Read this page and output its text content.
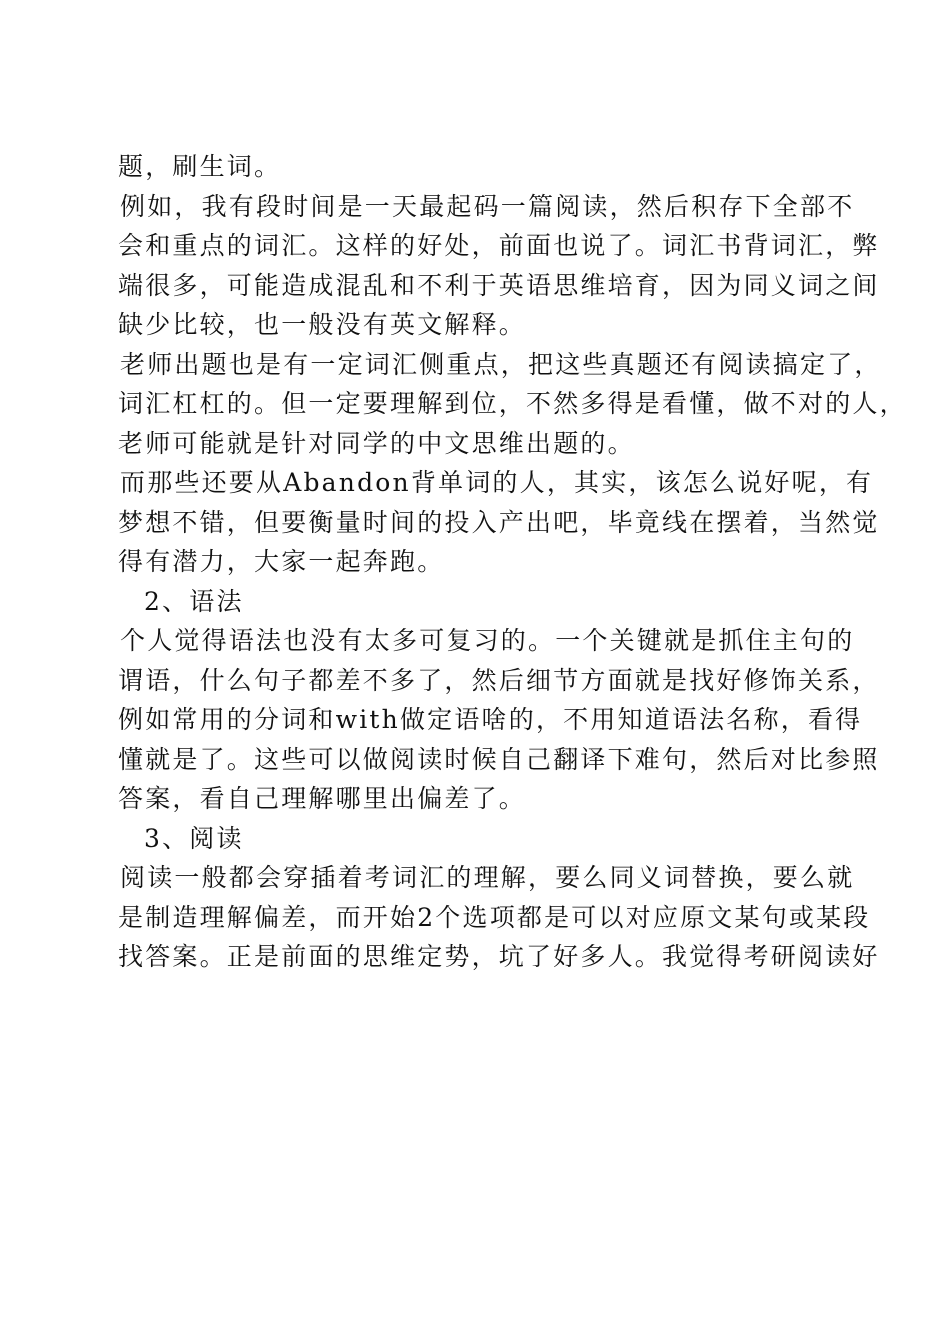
题，刷生词。
例如，我有段时间是一天最起码一篇阅读，然后积存下全部不
会和重点的词汇。这样的好处，前面也说了。词汇书背词汇，弊
端很多，可能造成混乱和不利于英语思维培育，因为同义词之间
缺少比较，也一般没有英文解释。
老师出题也是有一定词汇侧重点，把这些真题还有阅读搞定了，
词汇杠杠的。但一定要理解到位，不然多得是看懂，做不对的人，
老师可能就是针对同学的中文思维出题的。
而那些还要从Abandon背单词的人，其实，该怎么说好呢，有
梦想不错，但要衡量时间的投入产出吧，毕竟线在摆着，当然觉
得有潜力，大家一起奔跑。
2、语法
个人觉得语法也没有太多可复习的。一个关键就是抓住主句的
谓语，什么句子都差不多了，然后细节方面就是找好修饰关系，
例如常用的分词和with做定语啥的，不用知道语法名称，看得
懂就是了。这些可以做阅读时候自己翻译下难句，然后对比参照
答案，看自己理解哪里出偏差了。
3、阅读
阅读一般都会穿插着考词汇的理解，要么同义词替换，要么就
是制造理解偏差，而开始2个选项都是可以对应原文某句或某段
找答案。正是前面的思维定势，坑了好多人。我觉得考研阅读好
